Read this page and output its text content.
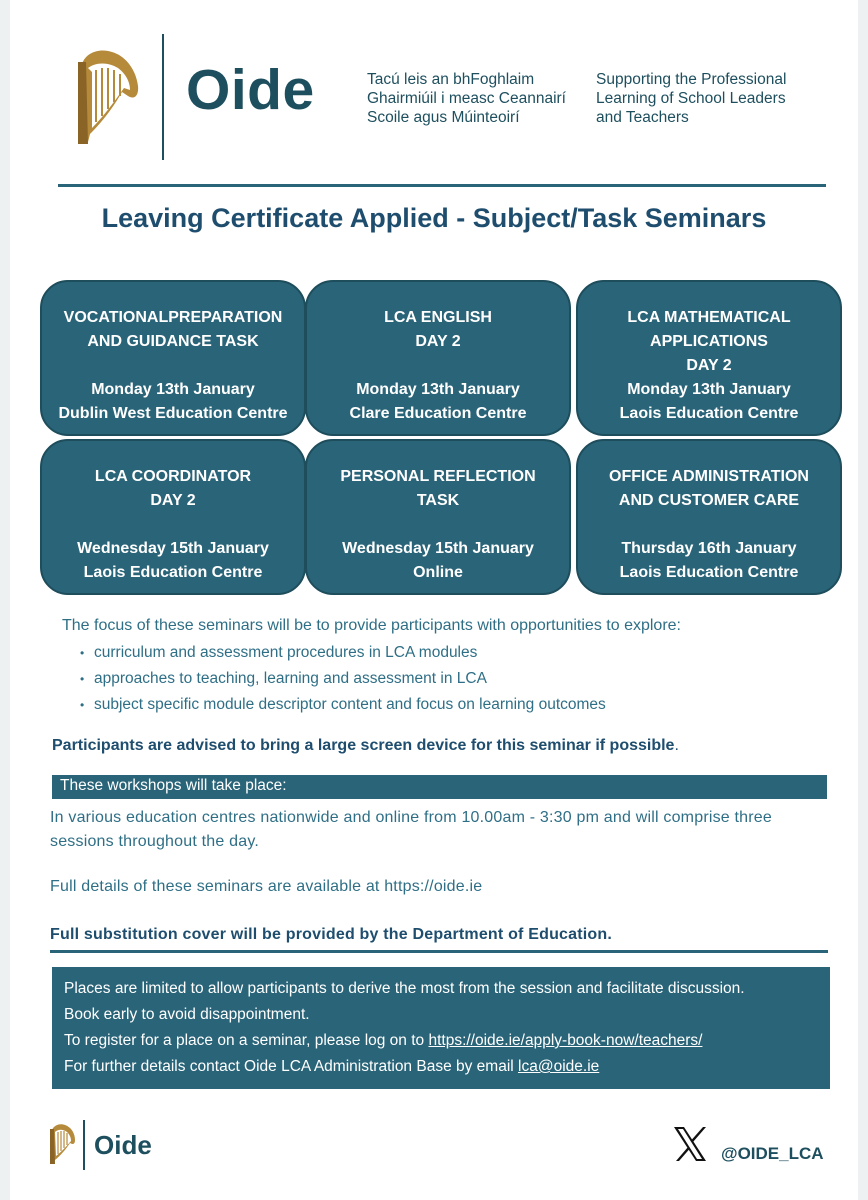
Oide	Tacú leis an bhFoghlaim
Ghairmiúil i measc Ceannairí
Scoile agus Múinteoirí
Supporting the Professional
Learning of School Leaders
and Teachers
Leaving Certificate Applied - Subject/Task Seminars
VOCATIONALPREPARATION
AND GUIDANCE TASK
Monday 13th January
Dublin West Education Centre
LCA ENGLISH
DAY 2
Monday 13th January
Clare Education Centre
LCA MATHEMATICAL
APPLICATIONS
DAY 2
Monday 13th January
Laois Education Centre
LCA COORDINATOR
DAY 2
Wednesday 15th January
Laois Education Centre
PERSONAL REFLECTION
TASK
Wednesday 15th January
Online
OFFICE ADMINISTRATION
AND CUSTOMER CARE
Thursday 16th January
Laois Education Centre

The focus of these seminars will be to provide participants with opportunities to explore:

• curriculum and assessment procedures in LCA modules
• approaches to teaching, learning and assessment in LCA
• subject specific module descriptor content and focus on learning outcomes

Participants are advised to bring a large screen device for this seminar if possible.

These workshops will take place:

In various education centres nationwide and online from 10.00am - 3:30 pm and will comprise three sessions throughout the day.

Full details of these seminars are available at https://oide.ie

Full substitution cover will be provided by the Department of Education.

Places are limited to allow participants to derive the most from the session and facilitate discussion.
Book early to avoid disappointment.
To register for a place on a seminar, please log on to https://oide.ie/apply-book-now/teachers/
For further details contact Oide LCA Administration Base by email lca@oide.ie
Oide	@OIDE_LCA
